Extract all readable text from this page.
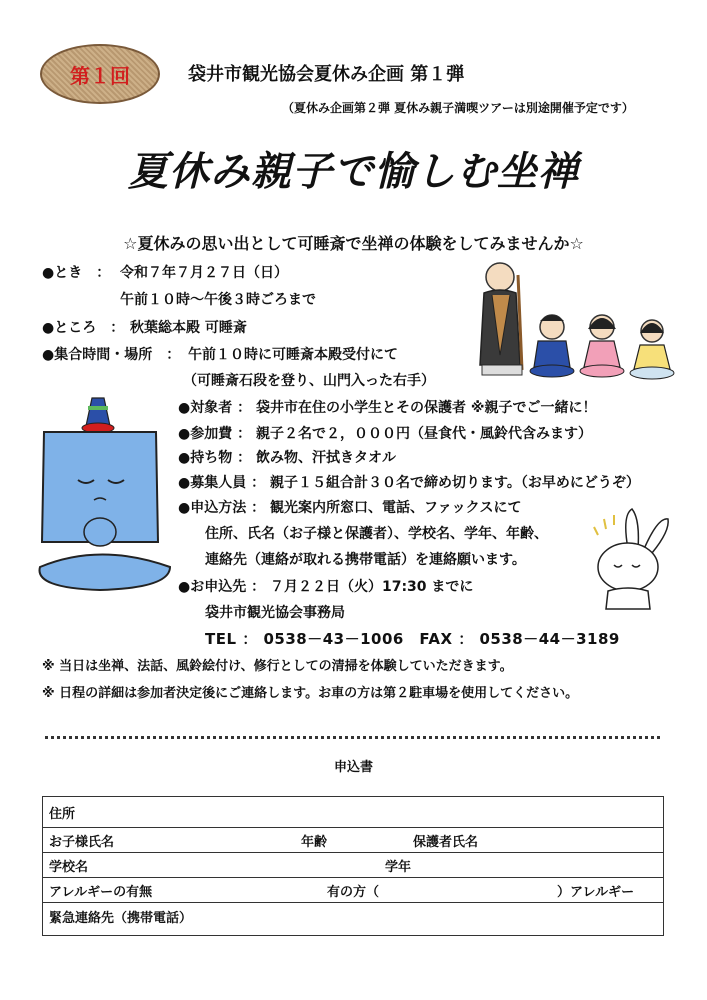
第１回	袋井市観光協会夏休み企画 第１弾
（夏休み企画第２弾 夏休み親子満喫ツアーは別途開催予定です）
夏休み親子で愉しむ坐禅
☆夏休みの思い出として可睡斎で坐禅の体験をしてみませんか☆
●とき　： 令和７年７月２７日（日）
午前１０時～午後３時ごろまで
●ところ　： 秋葉総本殿 可睡斎
●集合時間・場所　： 午前１０時に可睡斎本殿受付にて
（可睡斎石段を登り、山門入った右手）
●対象者 ： 袋井市在住の小学生とその保護者 ※親子でご一緒に！
●参加費 ： 親子２名で２，０００円（昼食代・風鈴代含みます）
●持ち物 ： 飲み物、汗拭きタオル
●募集人員 ： 親子１５組合計３０名で締め切ります。（お早めにどうぞ）
●申込方法 ： 観光案内所窓口、電話、ファックスにて
住所、氏名（お子様と保護者）、学校名、学年、年齢、
連絡先（連絡が取れる携帯電話）を連絡願います。
●お申込先 ： ７月２２日（火）17:30 までに
袋井市観光協会事務局
TEL ： 0538－43－1006　FAX ： 0538－44－3189
※ 当日は坐禅、法話、風鈴絵付け、修行としての清掃を体験していただきます。
※ 日程の詳細は参加者決定後にご連絡します。お車の方は第２駐車場を使用してください。
申込書
住所
お子様氏名	年齢	保護者氏名
学校名	学年
アレルギーの有無	有の方（	）アレルギー
緊急連絡先（携帯電話）
